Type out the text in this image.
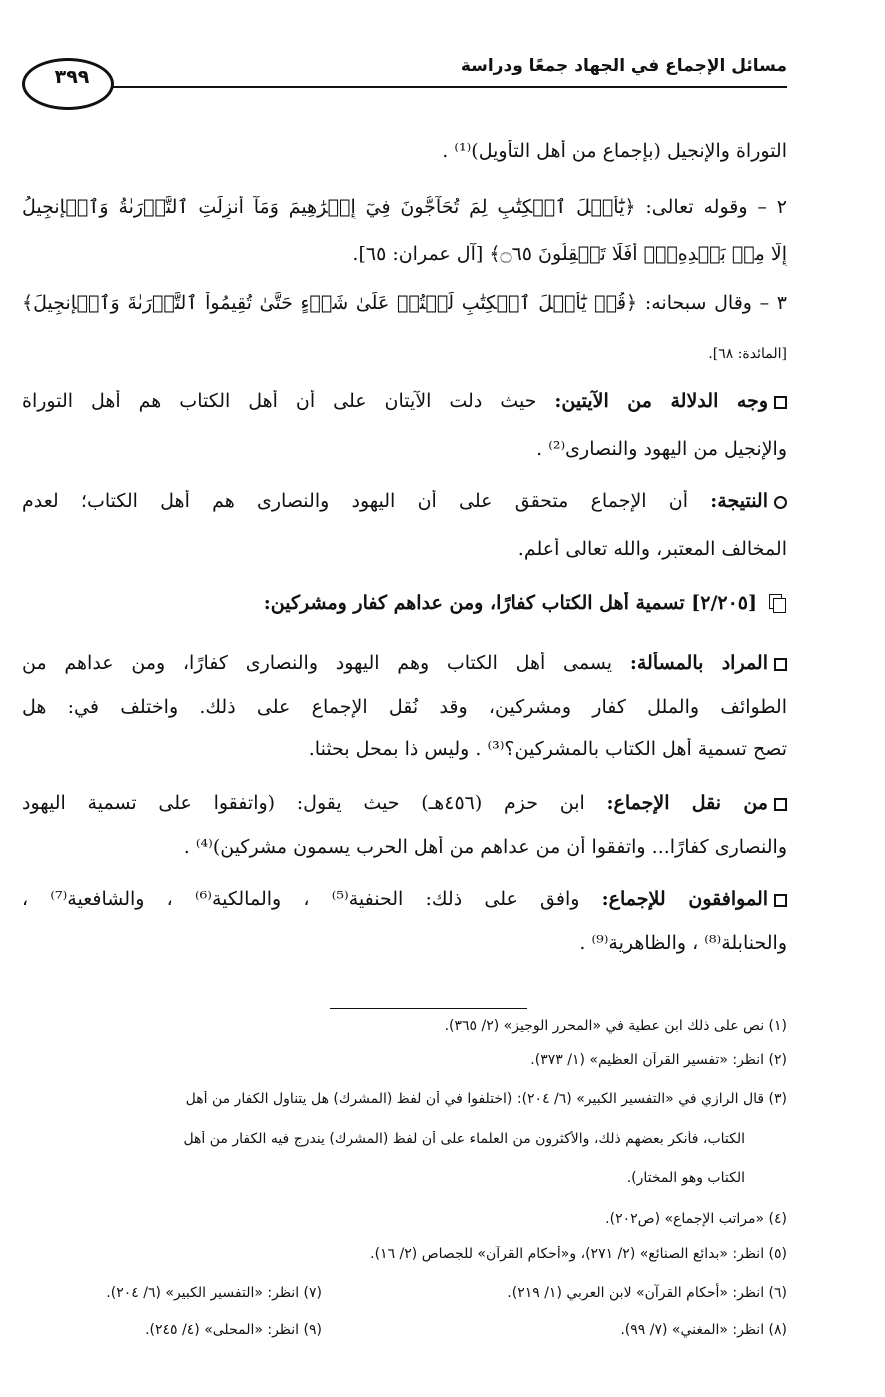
مسائل الإجماع في الجهاد جمعًا ودراسة
٣٩٩
التوراة والإنجيل (بإجماع من أهل التأويل)⁽¹⁾ .
٢ – وقوله تعالى: ﴿يَٰٓأَهۡلَ ٱلۡكِتَٰبِ لِمَ تُحَآجُّونَ فِيٓ إِبۡرَٰهِيمَ وَمَآ أُنزِلَتِ ٱلتَّوۡرَىٰةُ وَٱلۡإِنجِيلُ
إِلَّا مِنۢ بَعۡدِهِۦٓۚ أَفَلَا تَعۡقِلُونَ ۝٦٥﴾ [آل عمران: ٦٥].
٣ – وقال سبحانه: ﴿قُلۡ يَٰٓأَهۡلَ ٱلۡكِتَٰبِ لَسۡتُمۡ عَلَىٰ شَيۡءٍ حَتَّىٰ تُقِيمُواْ ٱلتَّوۡرَىٰةَ وَٱلۡإِنجِيلَ﴾
[المائدة: ٦٨].
وجه الدلالة من الآيتين: حيث دلت الآيتان على أن أهل الكتاب هم أهل التوراة
والإنجيل من اليهود والنصارى⁽²⁾ .
النتيجة: أن الإجماع متحقق على أن اليهود والنصارى هم أهل الكتاب؛ لعدم
المخالف المعتبر، والله تعالى أعلم.
[٢/٢٠٥] تسمية أهل الكتاب كفارًا، ومن عداهم كفار ومشركين:
المراد بالمسألة: يسمى أهل الكتاب وهم اليهود والنصارى كفارًا، ومن عداهم من
الطوائف والملل كفار ومشركين، وقد نُقل الإجماع على ذلك. واختلف في: هل
تصح تسمية أهل الكتاب بالمشركين؟⁽³⁾ . وليس ذا بمحل بحثنا.
من نقل الإجماع: ابن حزم (٤٥٦هـ) حيث يقول: (واتفقوا على تسمية اليهود
والنصارى كفارًا... واتفقوا أن من عداهم من أهل الحرب يسمون مشركين)⁽⁴⁾ .
الموافقون للإجماع: وافق على ذلك: الحنفية⁽⁵⁾ ، والمالكية⁽⁶⁾ ، والشافعية⁽⁷⁾ ،
والحنابلة⁽⁸⁾ ، والظاهرية⁽⁹⁾ .
(١) نص على ذلك ابن عطية في «المحرر الوجيز» (٢/ ٣٦٥).
(٢) انظر: «تفسير القرآن العظيم» (١/ ٣٧٣).
(٣) قال الرازي في «التفسير الكبير» (٦/ ٢٠٤): (اختلفوا في أن لفظ (المشرك) هل يتناول الكفار من أهل
الكتاب، فأنكر بعضهم ذلك، والأكثرون من العلماء على أن لفظ (المشرك) يندرج فيه الكفار من أهل
الكتاب وهو المختار).
(٤) «مراتب الإجماع» (ص٢٠٢).
(٥) انظر: «بدائع الصنائع» (٢/ ٢٧١)، و«أحكام القرآن» للجصاص (٢/ ١٦).
(٦) انظر: «أحكام القرآن» لابن العربي (١/ ٢١٩).
(٧) انظر: «التفسير الكبير» (٦/ ٢٠٤).
(٨) انظر: «المغني» (٧/ ٩٩).
(٩) انظر: «المحلى» (٤/ ٢٤٥).
